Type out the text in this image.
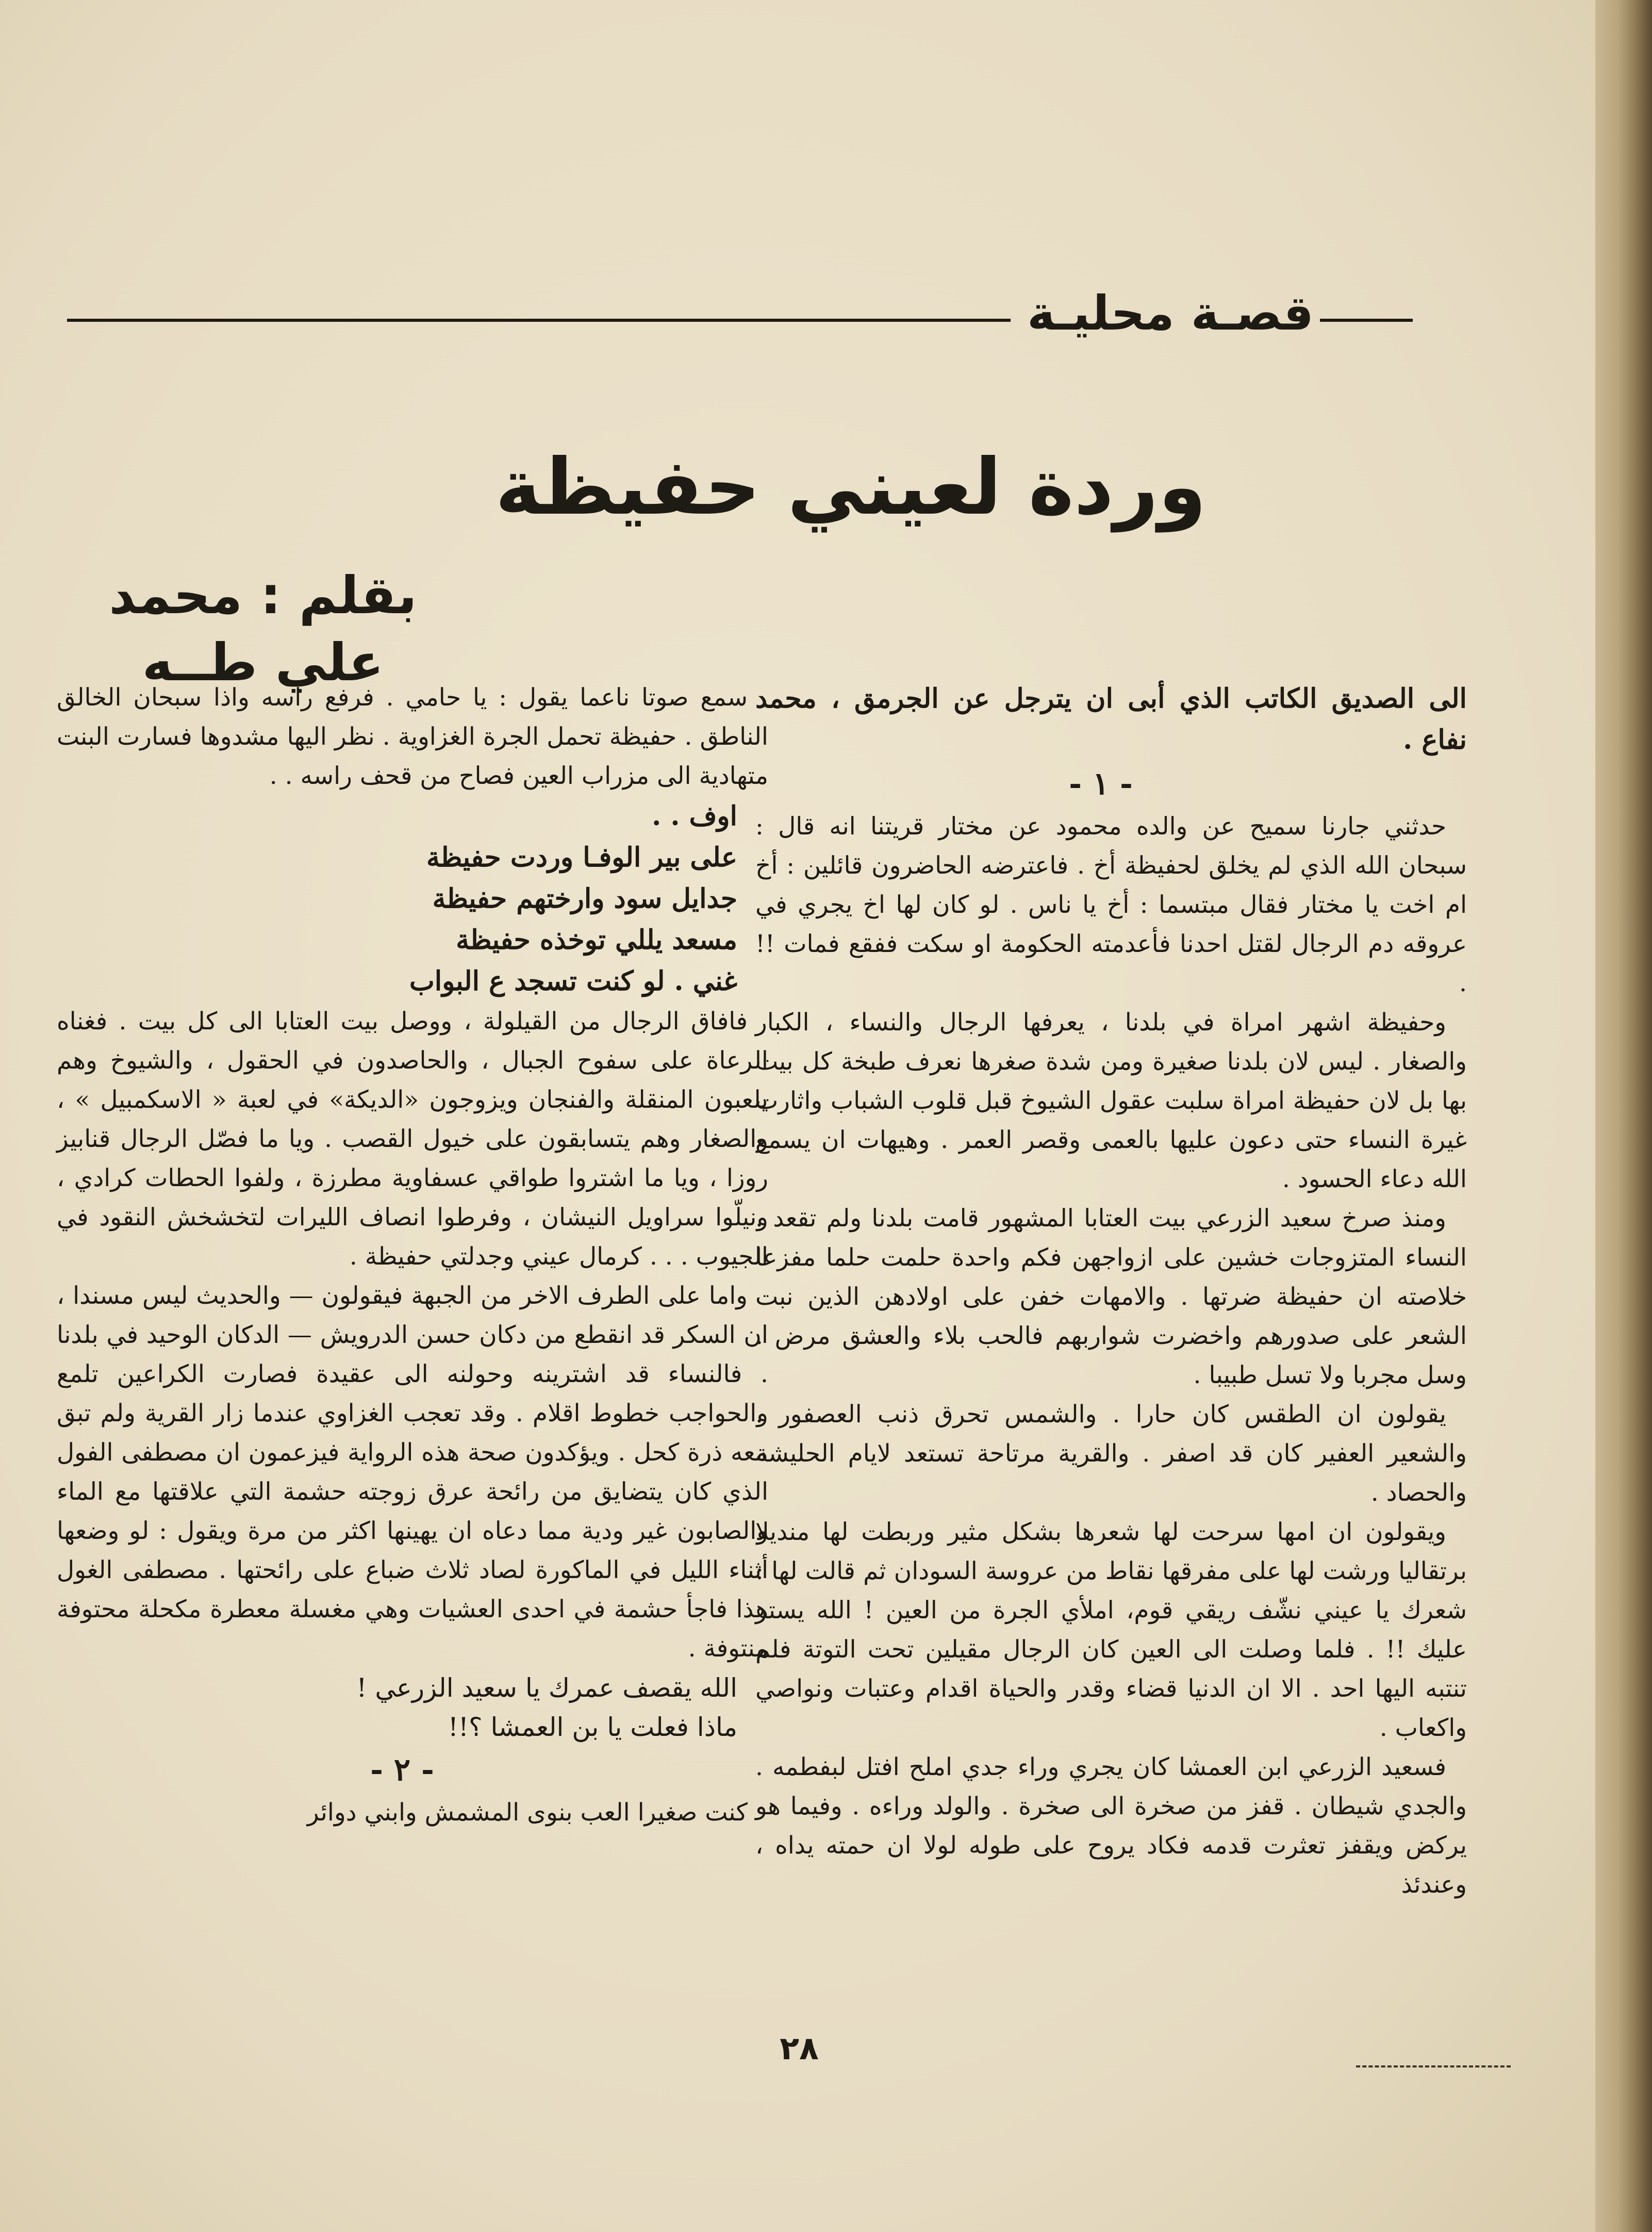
قصـة محليـة
وردة لعيني حفيظة
بقلم : محمد علي طــه

الى الصديق الكاتب الذي أبى ان يترجل عن الجرمق ، محمد نفاع .

- ١ -

حدثني جارنا سميح عن والده محمود عن مختار قريتنا انه قال : سبحان الله الذي لم يخلق لحفيظة أخ . فاعترضه الحاضرون قائلين : أخ ام اخت يا مختار فقال مبتسما : أخ يا ناس . لو كان لها اخ يجري في عروقه دم الرجال لقتل احدنا فأعدمته الحكومة او سكت ففقع فمات !! .

وحفيظة اشهر امراة في بلدنا ، يعرفها الرجال والنساء ، الكبار والصغار . ليس لان بلدنا صغيرة ومن شدة صغرها نعرف طبخة كل بيت بها بل لان حفيظة امراة سلبت عقول الشيوخ قبل قلوب الشباب واثارت غيرة النساء حتى دعون عليها بالعمى وقصر العمر . وهيهات ان يسمع الله دعاء الحسود .

ومنذ صرخ سعيد الزرعي بيت العتابا المشهور قامت بلدنا ولم تقعد . النساء المتزوجات خشين على ازواجهن فكم واحدة حلمت حلما مفزعا خلاصته ان حفيظة ضرتها . والامهات خفن على اولادهن الذين نبت الشعر على صدورهم واخضرت شواربهم فالحب بلاء والعشق مرض . وسل مجربا ولا تسل طبيبا .

يقولون ان الطقس كان حارا . والشمس تحرق ذنب العصفور . والشعير العفير كان قد اصفر . والقرية مرتاحة تستعد لايام الحليشة والحصاد .

ويقولون ان امها سرحت لها شعرها بشكل مثير وربطت لها منديلا برتقاليا ورشت لها على مفرقها نقاط من عروسة السودان ثم قالت لها : شعرك يا عيني نشّف ريقي قوم، املأي الجرة من العين ! الله يستر عليك !! . فلما وصلت الى العين كان الرجال مقيلين تحت التوتة فلم تنتبه اليها احد . الا ان الدنيا قضاء وقدر والحياة اقدام وعتبات ونواصي واكعاب .

فسعيد الزرعي ابن العمشا كان يجري وراء جدي املح افتل لبفطمه . والجدي شيطان . قفز من صخرة الى صخرة . والولد وراءه . وفيما هو يركض ويقفز تعثرت قدمه فكاد يروح على طوله لولا ان حمته يداه ، وعندئذ

سمع صوتا ناعما يقول : يا حامي . فرفع راسه واذا سبحان الخالق الناطق . حفيظة تحمل الجرة الغزاوية . نظر اليها مشدوها فسارت البنت متهادية الى مزراب العين فصاح من قحف راسه . .

اوف . .
على بير الوفـا وردت حفيظة
جدايل سود وارختهم حفيظة
مسعد يللي توخذه حفيظة
غني . لو كنت تسجد ع البواب

فافاق الرجال من القيلولة ، ووصل بيت العتابا الى كل بيت . فغناه الرعاة على سفوح الجبال ، والحاصدون في الحقول ، والشيوخ وهم يلعبون المنقلة والفنجان ويزوجون «الديكة» في لعبة « الاسكمبيل » ، والصغار وهم يتسابقون على خيول القصب . ويا ما فصّل الرجال قنابيز روزا ، ويا ما اشتروا طواقي عسفاوية مطرزة ، ولفوا الحطات كرادي ، ونيلّوا سراويل النيشان ، وفرطوا انصاف الليرات لتخشخش النقود في الجيوب . . . كرمال عيني وجدلتي حفيظة .

واما على الطرف الاخر من الجبهة فيقولون — والحديث ليس مسندا ، ان السكر قد انقطع من دكان حسن الدرويش — الدكان الوحيد في بلدنا . فالنساء قد اشترينه وحولنه الى عقيدة فصارت الكراعين تلمع والحواجب خطوط اقلام . وقد تعجب الغزاوي عندما زار القرية ولم تبق معه ذرة كحل . ويؤكدون صحة هذه الرواية فيزعمون ان مصطفى الفول الذي كان يتضايق من رائحة عرق زوجته حشمة التي علاقتها مع الماء والصابون غير ودية مما دعاه ان يهينها اكثر من مرة ويقول : لو وضعها أثناء الليل في الماكورة لصاد ثلاث ضباع على رائحتها . مصطفى الغول هذا فاجأ حشمة في احدى العشيات وهي مغسلة معطرة مكحلة محتوفة منتوفة .

الله يقصف عمرك يا سعيد الزرعي !
ماذا فعلت يا بن العمشا ؟!!

- ٢ -

كنت صغيرا العب بنوى المشمش وابني دوائر

٢٨
